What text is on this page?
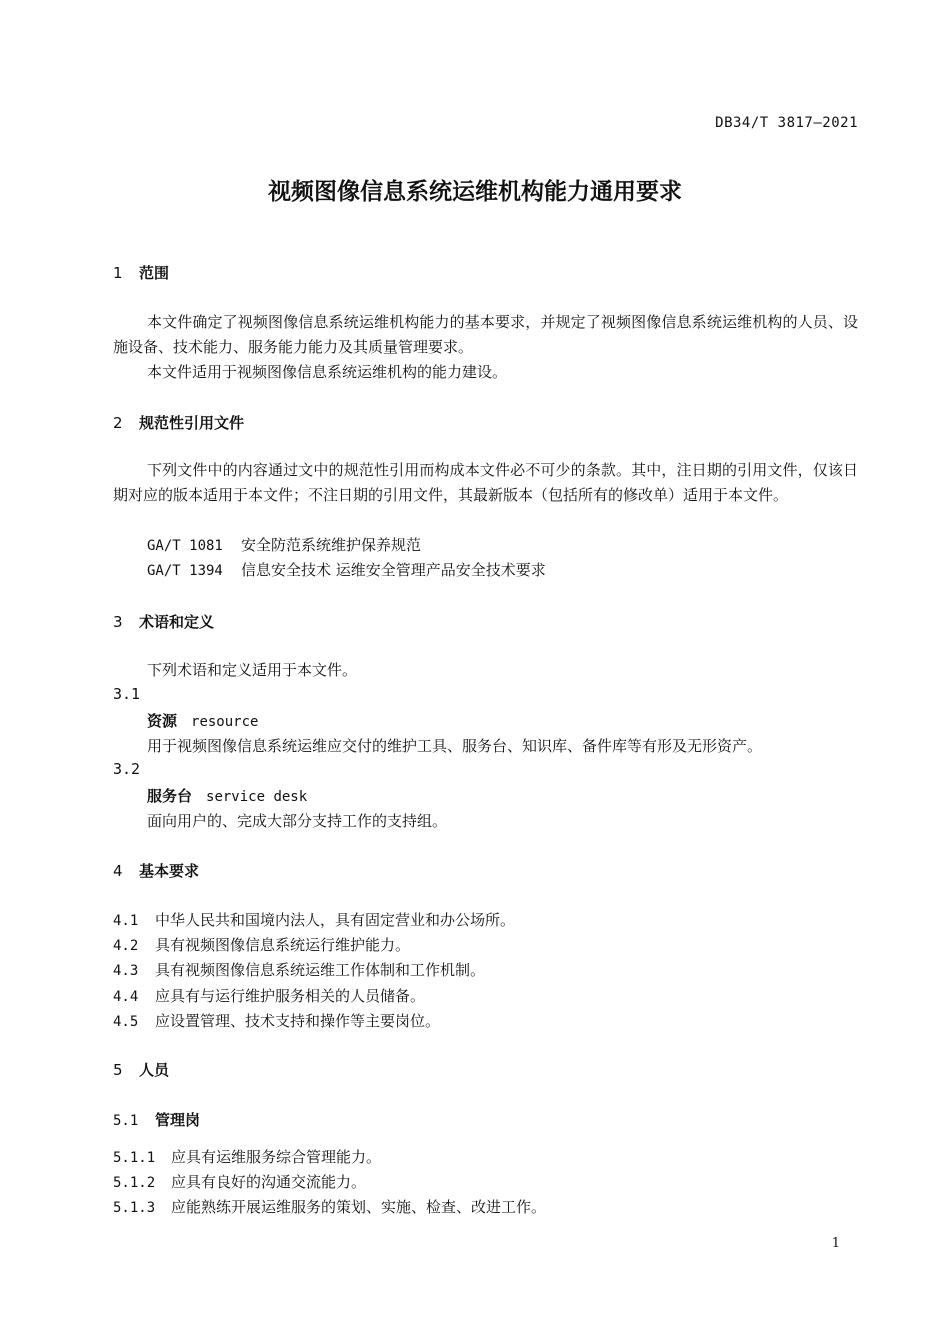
DB34/T 3817—2021
视频图像信息系统运维机构能力通用要求
1 范围

本文件确定了视频图像信息系统运维机构能力的基本要求，并规定了视频图像信息系统运维机构的人员、设施设备、技术能力、服务能力能力及其质量管理要求。

本文件适用于视频图像信息系统运维机构的能力建设。

2 规范性引用文件

下列文件中的内容通过文中的规范性引用而构成本文件必不可少的条款。其中，注日期的引用文件，仅该日期对应的版本适用于本文件；不注日期的引用文件，其最新版本（包括所有的修改单）适用于本文件。

GA/T 1081 安全防范系统维护保养规范
GA/T 1394 信息安全技术 运维安全管理产品安全技术要求
3 术语和定义
下列术语和定义适用于本文件。
3.1
资源 resource
用于视频图像信息系统运维应交付的维护工具、服务台、知识库、备件库等有形及无形资产。
3.2
服务台 service desk
面向用户的、完成大部分支持工作的支持组。
4 基本要求
4.1 中华人民共和国境内法人，具有固定营业和办公场所。
4.2 具有视频图像信息系统运行维护能力。
4.3 具有视频图像信息系统运维工作体制和工作机制。
4.4 应具有与运行维护服务相关的人员储备。
4.5 应设置管理、技术支持和操作等主要岗位。
5 人员
5.1 管理岗
5.1.1 应具有运维服务综合管理能力。
5.1.2 应具有良好的沟通交流能力。
5.1.3 应能熟练开展运维服务的策划、实施、检查、改进工作。
1
